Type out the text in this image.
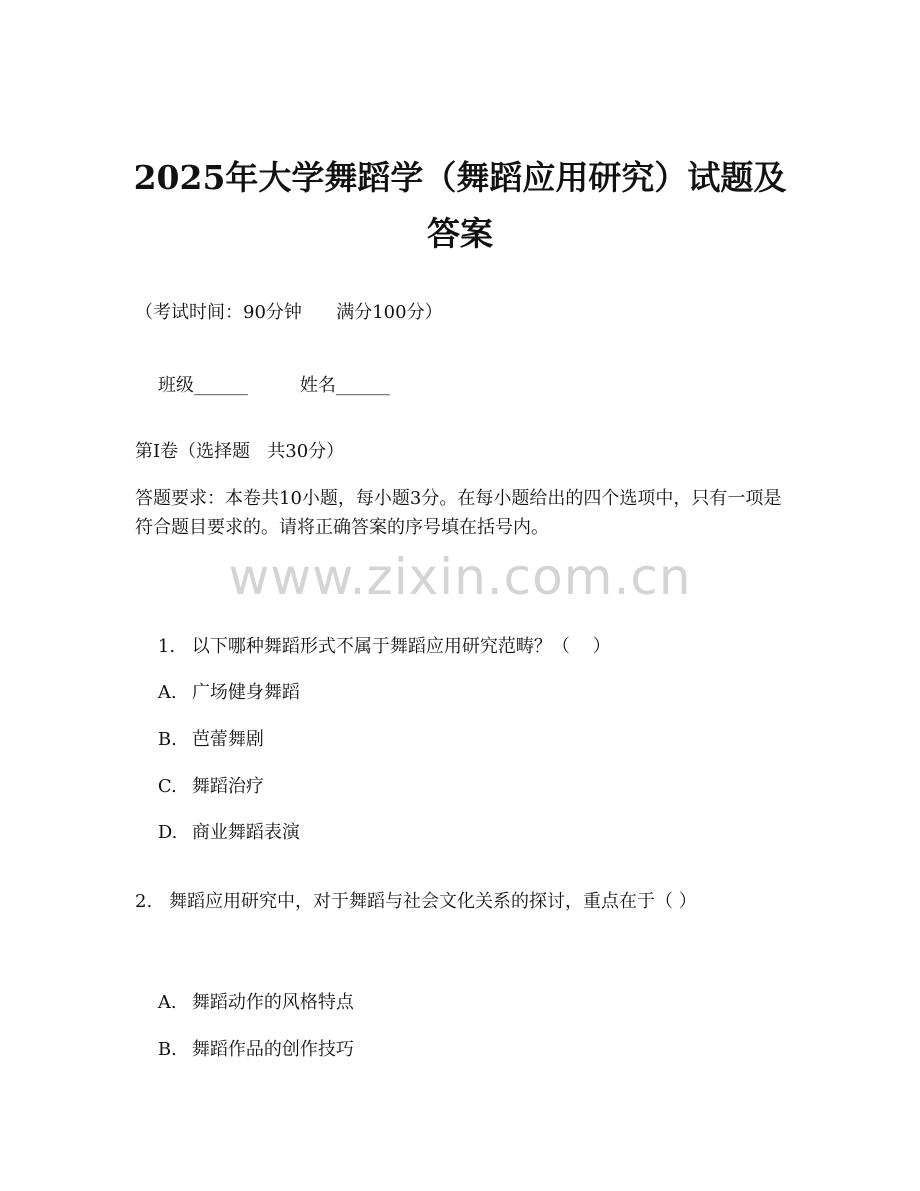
2025年大学舞蹈学（舞蹈应用研究）试题及
答案
（考试时间：90分钟      满分100分）

班级______	姓名______

第I卷（选择题   共30分）
答题要求：本卷共10小题，每小题3分。在每小题给出的四个选项中，只有一项是符合题目要求的。请将正确答案的序号填在括号内。
www.zixin.com.cn

1. 以下哪种舞蹈形式不属于舞蹈应用研究范畴？（    ）

A. 广场健身舞蹈

B. 芭蕾舞剧

C. 舞蹈治疗

D. 商业舞蹈表演

2. 舞蹈应用研究中，对于舞蹈与社会文化关系的探讨，重点在于（ ）

A. 舞蹈动作的风格特点

B. 舞蹈作品的创作技巧
